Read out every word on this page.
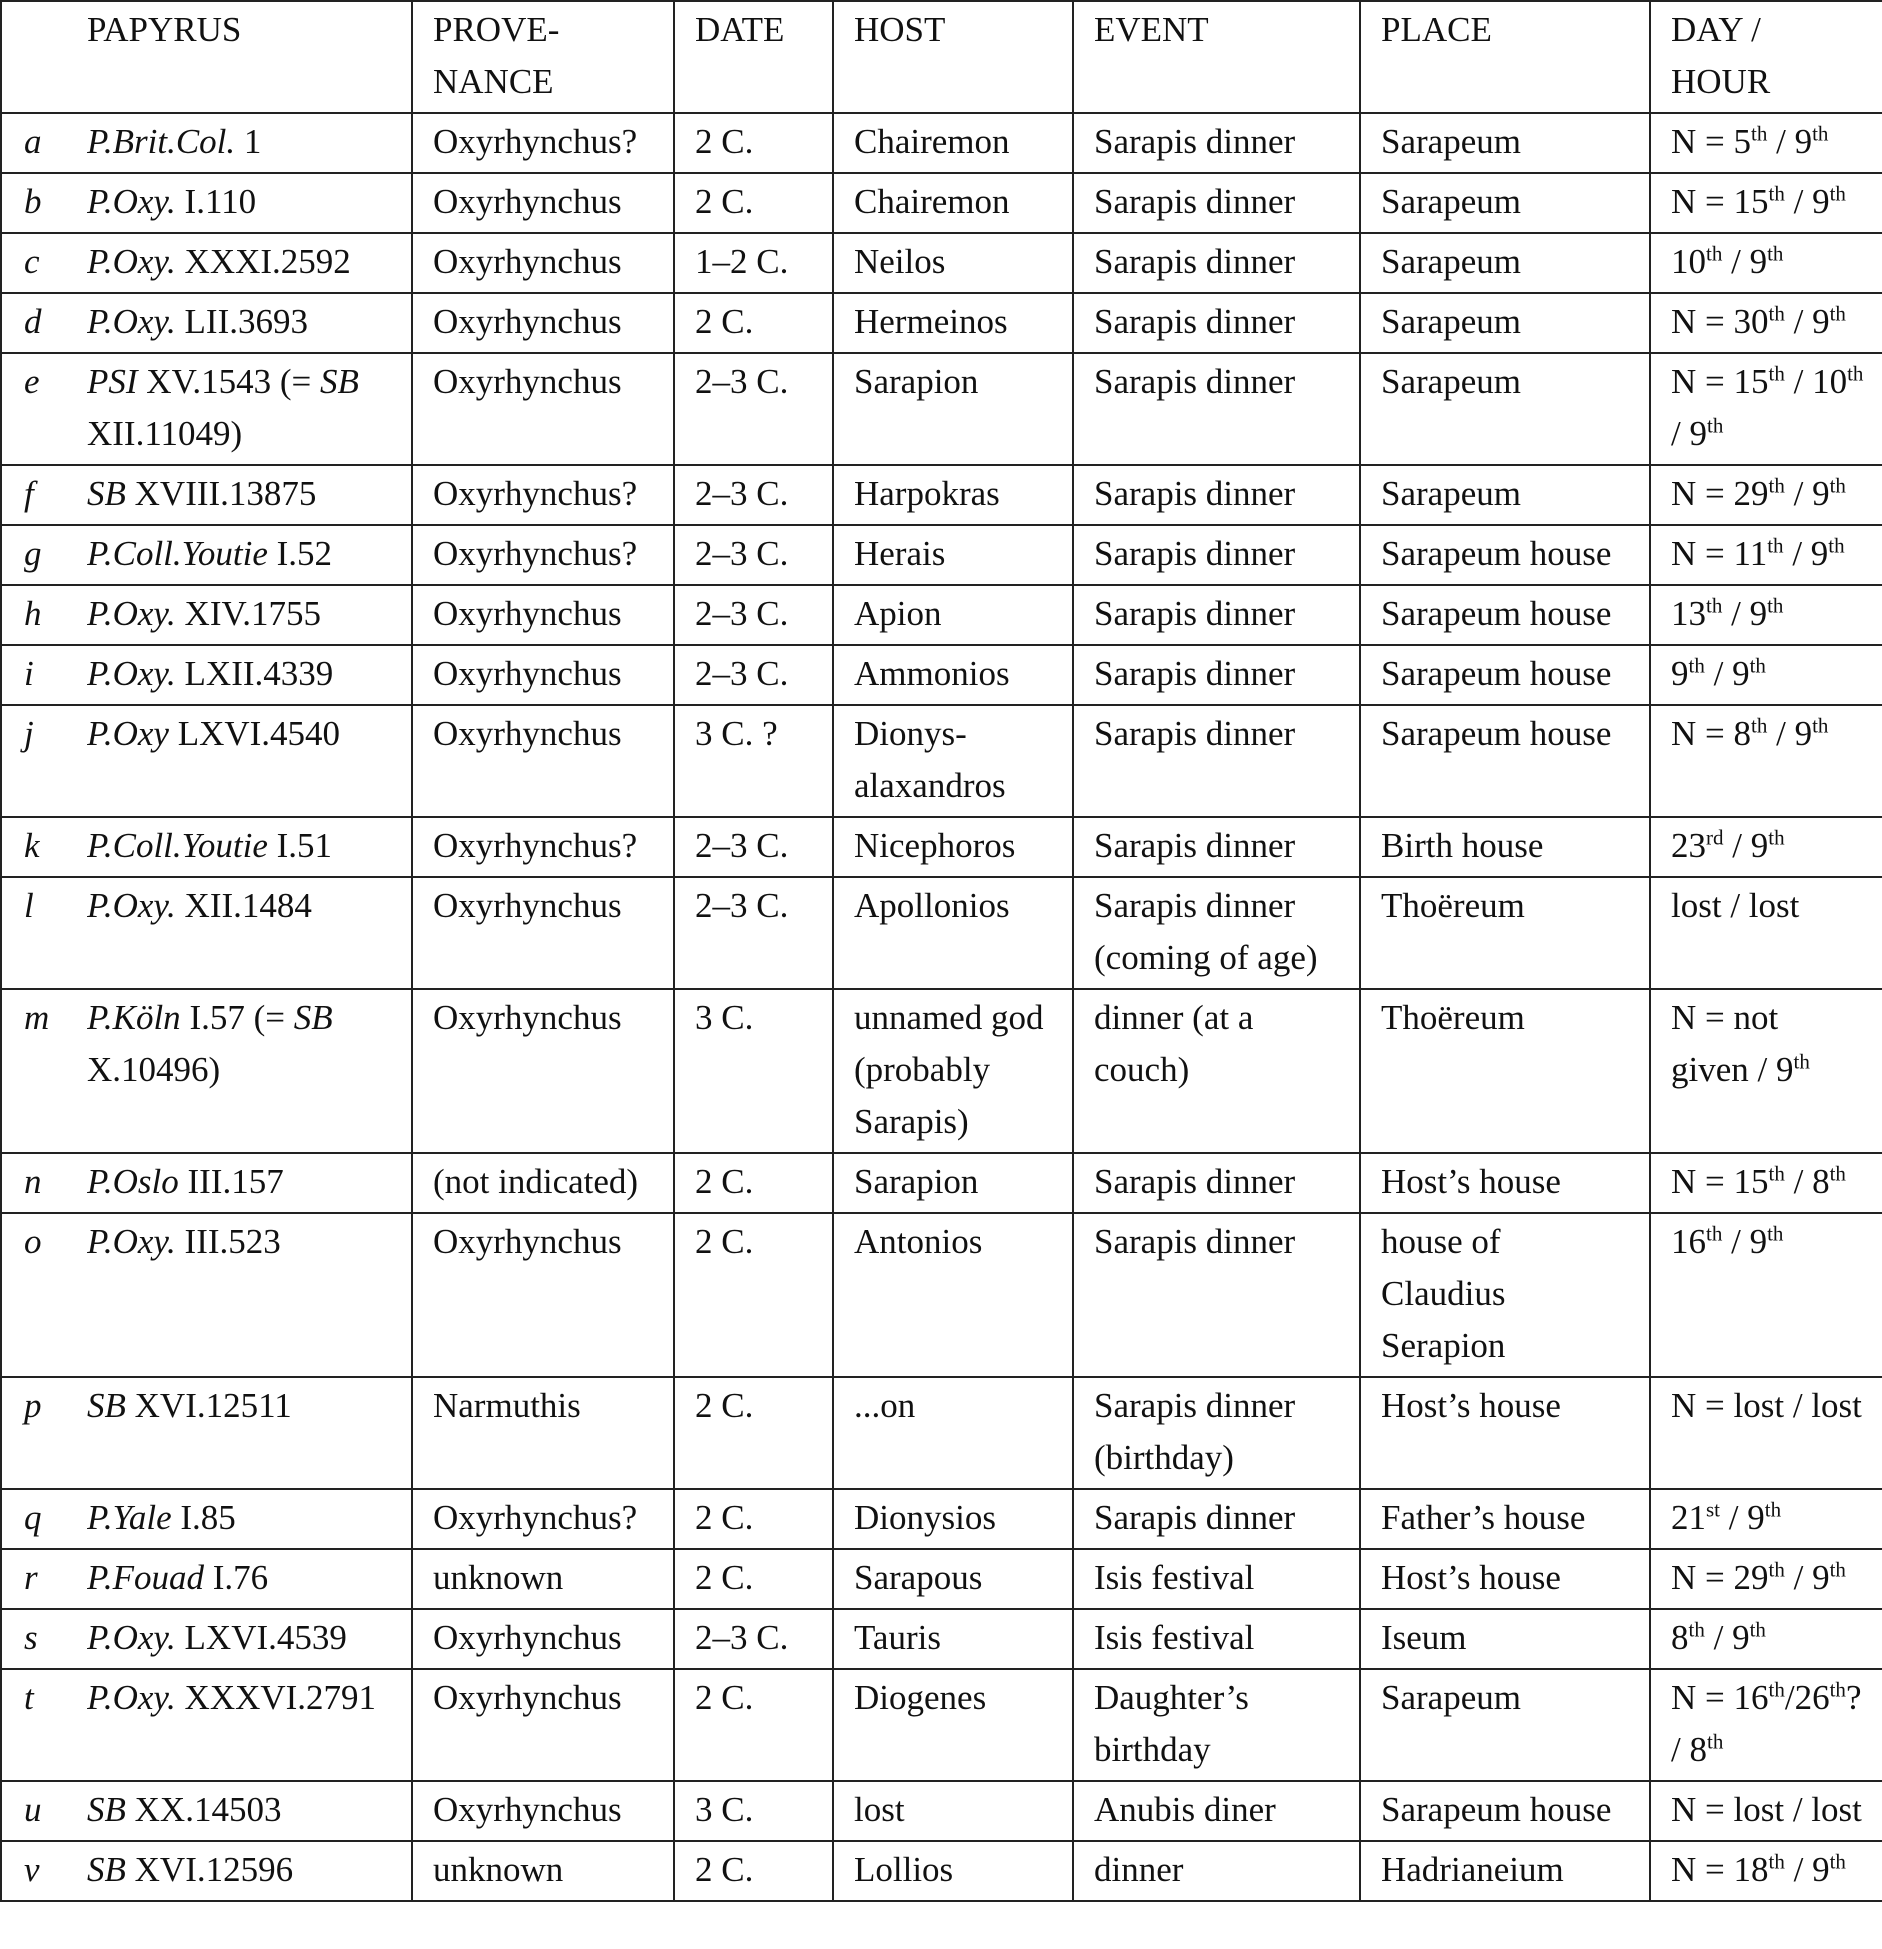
	PAPYRUS	PROVE-NANCE	DATE	HOST	EVENT	PLACE	DAY / HOUR
a	P.Brit.Col. 1	Oxyrhynchus?	2 C.	Chairemon	Sarapis dinner	Sarapeum	N = 5th / 9th
b	P.Oxy. I.110	Oxyrhynchus	2 C.	Chairemon	Sarapis dinner	Sarapeum	N = 15th / 9th
c	P.Oxy. XXXI.2592	Oxyrhynchus	1–2 C.	Neilos	Sarapis dinner	Sarapeum	10th / 9th
d	P.Oxy. LII.3693	Oxyrhynchus	2 C.	Hermeinos	Sarapis dinner	Sarapeum	N = 30th / 9th
e	PSI XV.1543 (= SB XII.11049)	Oxyrhynchus	2–3 C.	Sarapion	Sarapis dinner	Sarapeum	N = 15th / 10th / 9th
f	SB XVIII.13875	Oxyrhynchus?	2–3 C.	Harpokras	Sarapis dinner	Sarapeum	N = 29th / 9th
g	P.Coll.Youtie I.52	Oxyrhynchus?	2–3 C.	Herais	Sarapis dinner	Sarapeum house	N = 11th / 9th
h	P.Oxy. XIV.1755	Oxyrhynchus	2–3 C.	Apion	Sarapis dinner	Sarapeum house	13th / 9th
i	P.Oxy. LXII.4339	Oxyrhynchus	2–3 C.	Ammonios	Sarapis dinner	Sarapeum house	9th / 9th
j	P.Oxy LXVI.4540	Oxyrhynchus	3 C. ?	Dionys-alaxandros	Sarapis dinner	Sarapeum house	N = 8th / 9th
k	P.Coll.Youtie I.51	Oxyrhynchus?	2–3 C.	Nicephoros	Sarapis dinner	Birth house	23rd / 9th
l	P.Oxy. XII.1484	Oxyrhynchus	2–3 C.	Apollonios	Sarapis dinner (coming of age)	Thoëreum	lost / lost
m	P.Köln I.57 (= SB X.10496)	Oxyrhynchus	3 C.	unnamed god (probably Sarapis)	dinner (at a couch)	Thoëreum	N = not given / 9th
n	P.Oslo III.157	(not indicated)	2 C.	Sarapion	Sarapis dinner	Host’s house	N = 15th / 8th
o	P.Oxy. III.523	Oxyrhynchus	2 C.	Antonios	Sarapis dinner	house of Claudius Serapion	16th / 9th
p	SB XVI.12511	Narmuthis	2 C.	...on	Sarapis dinner (birthday)	Host’s house	N = lost / lost
q	P.Yale I.85	Oxyrhynchus?	2 C.	Dionysios	Sarapis dinner	Father’s house	21st / 9th
r	P.Fouad I.76	unknown	2 C.	Sarapous	Isis festival	Host’s house	N = 29th / 9th
s	P.Oxy. LXVI.4539	Oxyrhynchus	2–3 C.	Tauris	Isis festival	Iseum	8th / 9th
t	P.Oxy. XXXVI.2791	Oxyrhynchus	2 C.	Diogenes	Daughter’s birthday	Sarapeum	N = 16th/26th? / 8th
u	SB XX.14503	Oxyrhynchus	3 C.	lost	Anubis diner	Sarapeum house	N = lost / lost
v	SB XVI.12596	unknown	2 C.	Lollios	dinner	Hadrianeium	N = 18th / 9th
